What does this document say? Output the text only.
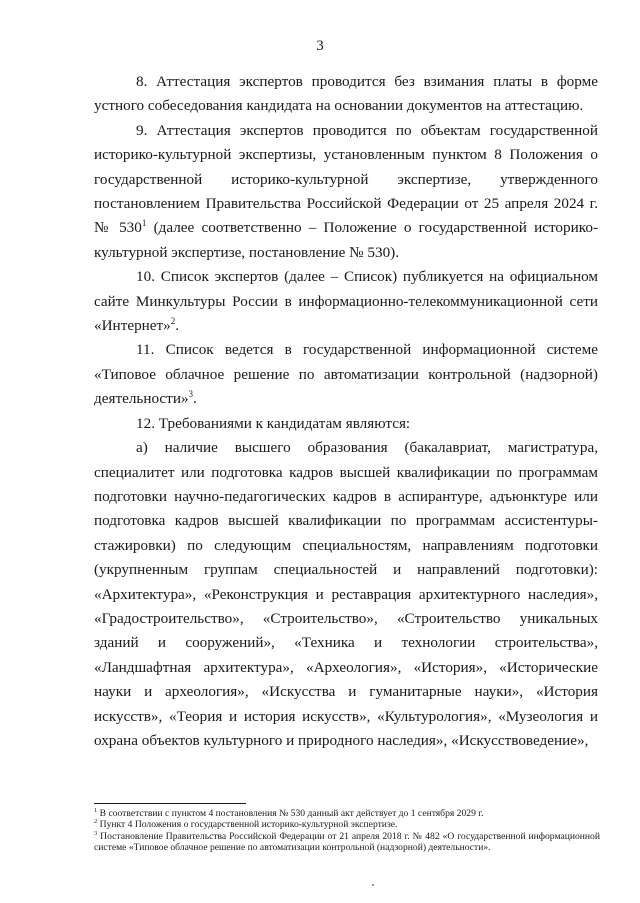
3

8. Аттестация экспертов проводится без взимания платы в форме устного собеседования кандидата на основании документов на аттестацию.

9. Аттестация экспертов проводится по объектам государственной историко-культурной экспертизы, установленным пунктом 8 Положения о государственной историко-культурной экспертизе, утвержденного постановлением Правительства Российской Федерации от 25 апреля 2024 г. № $530^1$ (далее соответственно – Положение о государственной историко-культурной экспертизе, постановление № 530).

10. Список экспертов (далее – Список) публикуется на официальном сайте Минкультуры России в информационно-телекоммуникационной сети «Интернет»$^2$.

11. Список ведется в государственной информационной системе «Типовое облачное решение по автоматизации контрольной (надзорной) деятельности»$^3$.

12. Требованиями к кандидатам являются:

а) наличие высшего образования (бакалавриат, магистратура, специалитет или подготовка кадров высшей квалификации по программам подготовки научно-педагогических кадров в аспирантуре, адъюнктуре или подготовка кадров высшей квалификации по программам ассистентуры-стажировки) по следующим специальностям, направлениям подготовки (укрупненным группам специальностей и направлений подготовки): «Архитектура», «Реконструкция и реставрация архитектурного наследия», «Градостроительство», «Строительство», «Строительство уникальных зданий и сооружений», «Техника и технологии строительства», «Ландшафтная архитектура», «Археология», «История», «Исторические науки и археология», «Искусства и гуманитарные науки», «История искусств», «Теория и история искусств», «Культурология», «Музеология и охрана объектов культурного и природного наследия», «Искусствоведение»,

$^1$ В соответствии с пунктом 4 постановления № 530 данный акт действует до 1 сентября 2029 г.

$^2$ Пункт 4 Положения о государственной историко-культурной экспертизе.

$^3$ Постановление Правительства Российской Федерации от 21 апреля 2018 г. № 482 «О государственной информационной системе «Типовое облачное решение по автоматизации контрольной (надзорной) деятельности».
